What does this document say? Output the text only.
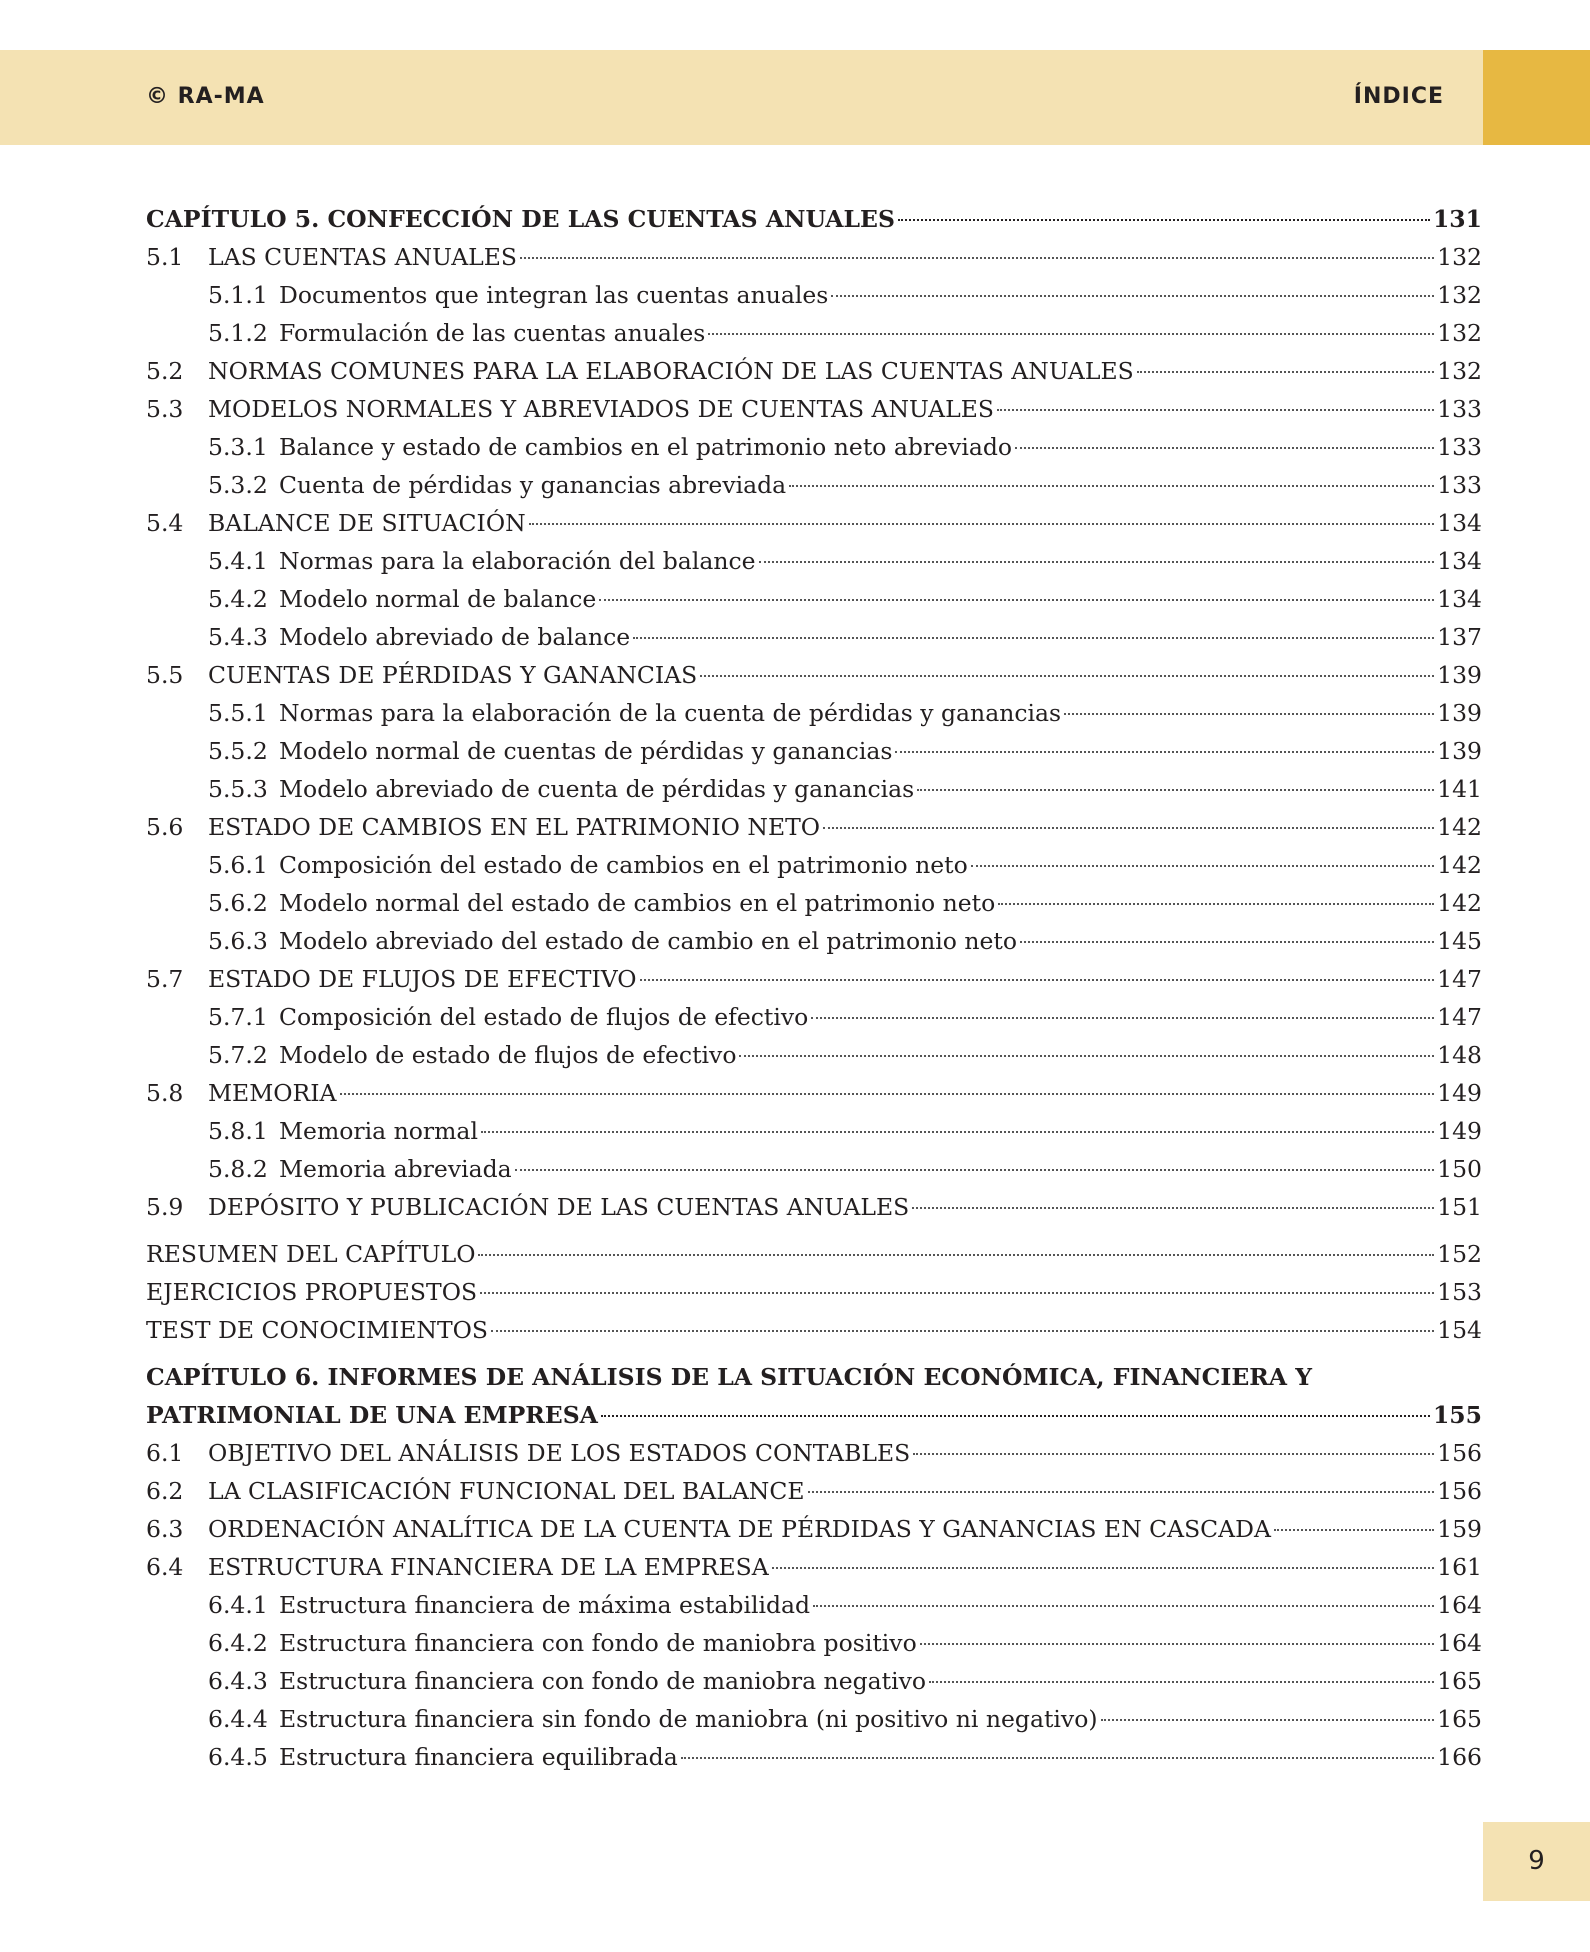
© RA-MA	ÍNDICE
CAPÍTULO 5. CONFECCIÓN DE LAS CUENTAS ANUALES	131
5.1	LAS CUENTAS ANUALES	132
5.1.1 Documentos que integran las cuentas anuales	132
5.1.2 Formulación de las cuentas anuales	132
5.2	NORMAS COMUNES PARA LA ELABORACIÓN DE LAS CUENTAS ANUALES	132
5.3	MODELOS NORMALES Y ABREVIADOS DE CUENTAS ANUALES	133
5.3.1 Balance y estado de cambios en el patrimonio neto abreviado	133
5.3.2 Cuenta de pérdidas y ganancias abreviada	133
5.4	BALANCE DE SITUACIÓN	134
5.4.1 Normas para la elaboración del balance	134
5.4.2 Modelo normal de balance	134
5.4.3 Modelo abreviado de balance	137
5.5	CUENTAS DE PÉRDIDAS Y GANANCIAS	139
5.5.1 Normas para la elaboración de la cuenta de pérdidas y ganancias	139
5.5.2 Modelo normal de cuentas de pérdidas y ganancias	139
5.5.3 Modelo abreviado de cuenta de pérdidas y ganancias	141
5.6	ESTADO DE CAMBIOS EN EL PATRIMONIO NETO	142
5.6.1 Composición del estado de cambios en el patrimonio neto	142
5.6.2 Modelo normal del estado de cambios en el patrimonio neto	142
5.6.3 Modelo abreviado del estado de cambio en el patrimonio neto	145
5.7	ESTADO DE FLUJOS DE EFECTIVO	147
5.7.1 Composición del estado de flujos de efectivo	147
5.7.2 Modelo de estado de flujos de efectivo	148
5.8	MEMORIA	149
5.8.1 Memoria normal	149
5.8.2 Memoria abreviada	150
5.9	DEPÓSITO Y PUBLICACIÓN DE LAS CUENTAS ANUALES	151
RESUMEN DEL CAPÍTULO	152
EJERCICIOS PROPUESTOS	153
TEST DE CONOCIMIENTOS	154
CAPÍTULO 6. INFORMES DE ANÁLISIS DE LA SITUACIÓN ECONÓMICA, FINANCIERA Y
PATRIMONIAL DE UNA EMPRESA	155
6.1	OBJETIVO DEL ANÁLISIS DE LOS ESTADOS CONTABLES	156
6.2	LA CLASIFICACIÓN FUNCIONAL DEL BALANCE	156
6.3	ORDENACIÓN ANALÍTICA DE LA CUENTA DE PÉRDIDAS Y GANANCIAS EN CASCADA	159
6.4	ESTRUCTURA FINANCIERA DE LA EMPRESA	161
6.4.1 Estructura financiera de máxima estabilidad	164
6.4.2 Estructura financiera con fondo de maniobra positivo	164
6.4.3 Estructura financiera con fondo de maniobra negativo	165
6.4.4 Estructura financiera sin fondo de maniobra (ni positivo ni negativo)	165
6.4.5 Estructura financiera equilibrada	166
9
